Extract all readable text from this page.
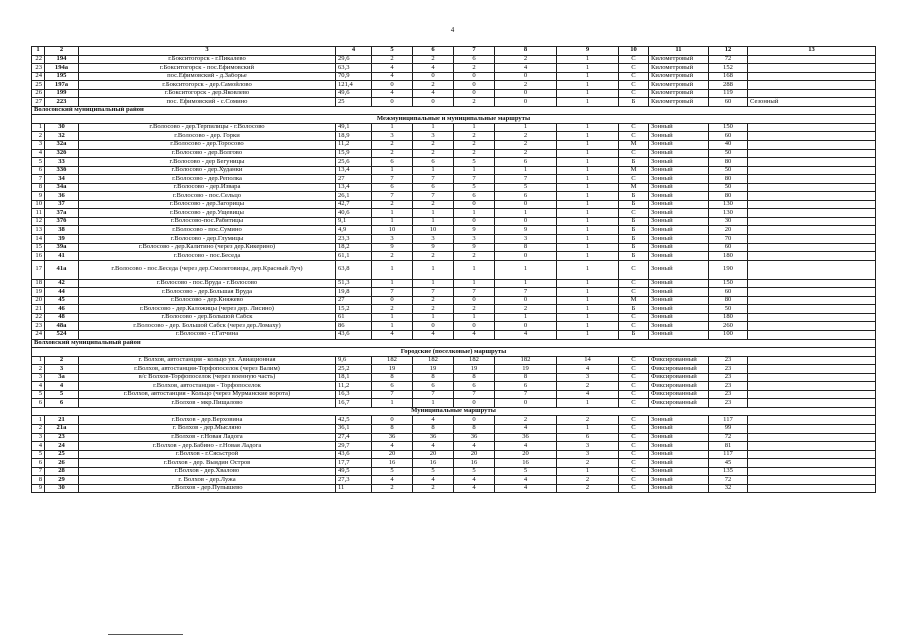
4
1	2	3	4	5	6	7	8	9	10	11	12	13
22	194	г.Бокситогорск - г.Пикалево	29,6	2	2	6	2	1	С	Километровый	72	
23	194а	г.Бокситогорск - пос.Ефимовский	63,3	4	4	2	4	1	С	Километровый	152	
24	195	пос.Ефимовский - д.Заборье	70,9	4	0	0	0	1	С	Километровый	168	
25	197а	г.Бокситогорск - дер.Самойлово	121,4	0	2	0	2	1	С	Километровый	288	
26	199	г.Бокситогорск - дер.Яковлево	49,6	4	4	0	0	1	С	Километровый	119	
27	223	пос. Ефимовский - с.Сомино	25	0	0	2	0	1	Б	Километровый	60	Сезонный
Волосовский муниципальный район												
Межмуниципальные и муниципальные маршруты												
1	30	г.Волосово - дер.Терпилицы - г.Волосово	49,1	1	1	1	1	1	С	Зонный	150	
2	32	г.Волосово - дер. Горки	18,9	3	3	2	2	1	С	Зонный	60	
3	32а	г.Волосово - дер.Торосово	11,2	2	2	2	2	1	М	Зонный	40	
4	32б	г.Волосово - дер.Волгово	15,9	2	2	2	2	1	С	Зонный	50	
5	33	г.Волосово - дер Бегуницы	25,6	6	6	5	6	1	Б	Зонный	80	
6	33б	г.Волосово - дер.Худанки	13,4	1	1	1	1	1	М	Зонный	50	
7	34	г.Волосово - дер.Реполка	27	7	7	7	7	1	С	Зонный	80	
8	34а	г.Волосово - дер.Извара	13,4	6	6	5	5	1	М	Зонный	50	
9	36	г.Волосово - пос.Сельцо	26,1	7	7	6	6	1	Б	Зонный	80	
10	37	г.Волосово - дер.Загорицы	42,7	2	2	0	0	1	Б	Зонный	130	
11	37а	г.Волосово - дер.Ущевицы	40,6	1	1	1	1	1	С	Зонный	130	
12	37б	г.Волосово-пос.Рабитицы	9,1	1	1	0	0	1	Б	Зонный	30	
13	38	г.Волосово - пос.Сумино	4,9	10	10	9	9	1	Б	Зонный	20	
14	39	г.Волосово - дер.Глумицы	23,3	3	3	3	3	1	Б	Зонный	70	
15	39а	г.Волосово - дер.Калитино (через дер.Кикерино)	18,2	9	9	9	8	1	Б	Зонный	60	
16	41	г.Волосово - пос.Беседа	61,1	2	2	2	0	1	Б	Зонный	180	
17	41а	г.Волосово - пос.Беседа (через дер.Смолеговицы, дер.Красный Луч)	63,8	1	1	1	1	1	С	Зонный	190	
18	42	г.Волосово - пос.Вруда - г.Волосово	51,3	1	1	1	1	1	С	Зонный	150	
19	44	г.Волосово - дер.Большая Вруда	19,8	7	7	7	7	1	С	Зонный	60	
20	45	г.Волосово - дер.Княжево	27	0	2	0	0	1	М	Зонный	80	
21	46	г.Волосово - дер.Каложицы (через дер. Лисино)	15,2	2	2	2	2	1	Б	Зонный	50	
22	48	г.Волосово - дер.Большой Сабск	61	1	1	1	1	1	С	Зонный	180	
23	48а	г.Волосово - дер. Большой Сабск (через дер.Ломаху)	86	1	0	0	0	1	С	Зонный	260	
24	524	г.Волосово - г.Гатчина	43,6	4	4	4	4	1	Б	Зонный	100	
Волховский муниципальный район												
Городские (поселковые) маршруты												
1	2	г. Волхов, автостанция - кольцо ул. Авиационная	9,6	182	182	182	182	14	С	Фиксированный	23	
2	3	г.Волхов, автостанция-Торфопоселок (через Валим)	25,2	19	19	19	19	4	С	Фиксированный	23	
3	3а	в/с Волхов-Торфопоселок (через военную часть)	18,1	8	8	8	8	3	С	Фиксированный	23	
4	4	г.Волхов, автостанция - Торфопоселок	11,2	6	6	6	6	2	С	Фиксированный	23	
5	5	г.Волхов, автостанция - Кольцо (через Мурманские ворота)	16,3	7	7	7	7	4	С	Фиксированный	23	
6	6	г.Волхов - мкр.Пищалово	16,7	1	1	0	0	1	С	Фиксированный	23	
Муниципальные маршруты												
1	21	г.Волхов - дер.Верховина	42,5	0	4	0	2	2	С	Зонный	117	
2	21а	г. Волхов - дер.Мысляно	36,1	8	8	8	4	1	С	Зонный	99	
3	23	г.Волхов - г.Новая Ладога	27,4	36	36	36	36	6	С	Зонный	72	
4	24	г.Волхов - дер.Бабино - г.Новая Ладога	29,7	4	4	4	4	3	С	Зонный	81	
5	25	г.Волхов - г.Сясьстрой	43,6	20	20	20	20	3	С	Зонный	117	
6	26	г.Волхов - дер. Выядин Остров	17,7	16	16	16	16	2	С	Зонный	45	
7	28	г.Волхов - дер.Хвалово	49,5	5	5	5	5	1	С	Зонный	135	
8	29	г. Волхов - дер.Лужа	27,3	4	4	4	4	2	С	Зонный	72	
9	30	г.Волхов - дер.Пупышево	11	2	2	4	4	2	С	Зонный	32	
